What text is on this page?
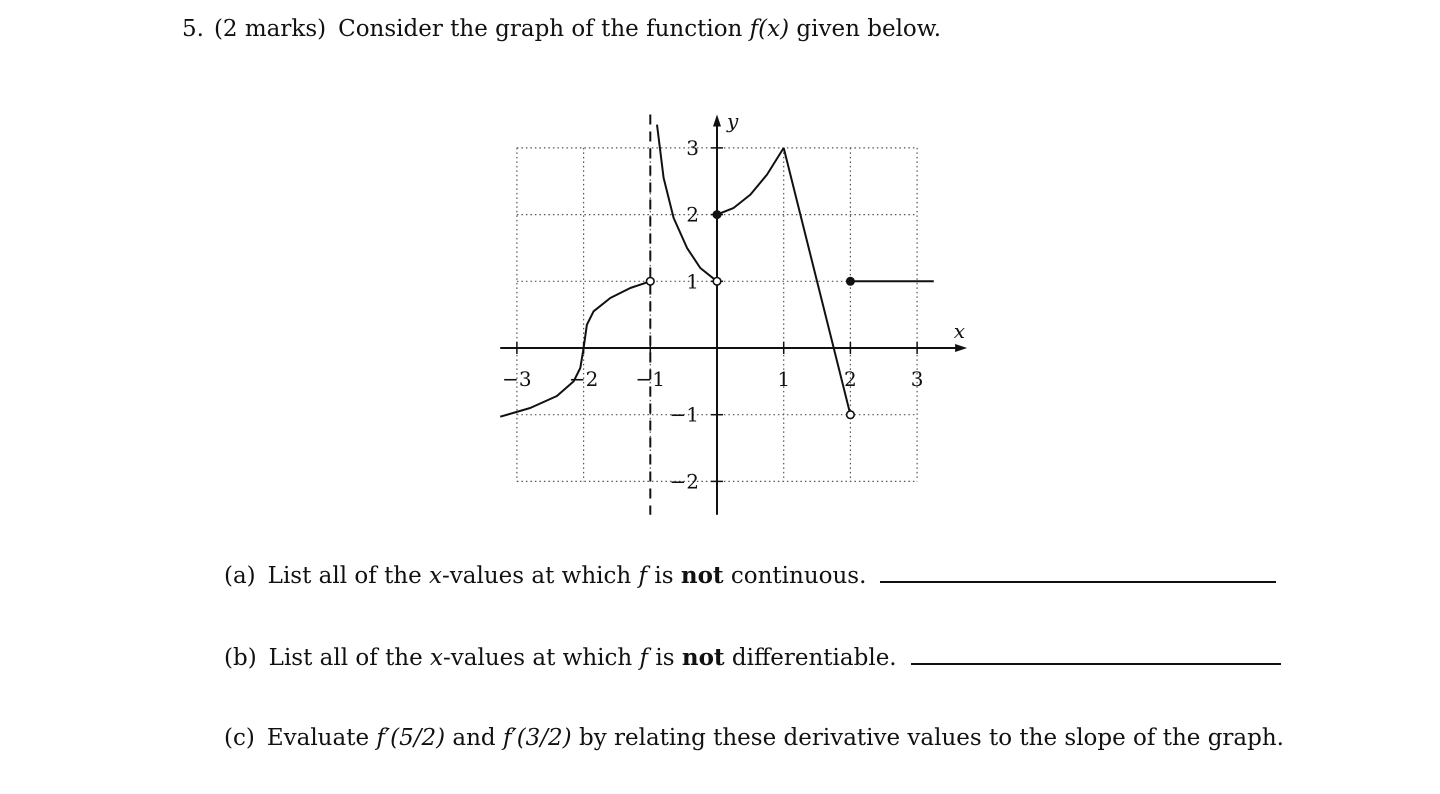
5. (2 marks) Consider the graph of the function f(x) given below.
−3 −2 −1	1	2	3
3
2
1
−1
−2
x
y
(a) List all of the x-values at which f is not continuous.
(b) List all of the x-values at which f is not differentiable.
(c) Evaluate f′(5/2) and f′(3/2) by relating these derivative values to the slope of the graph.
